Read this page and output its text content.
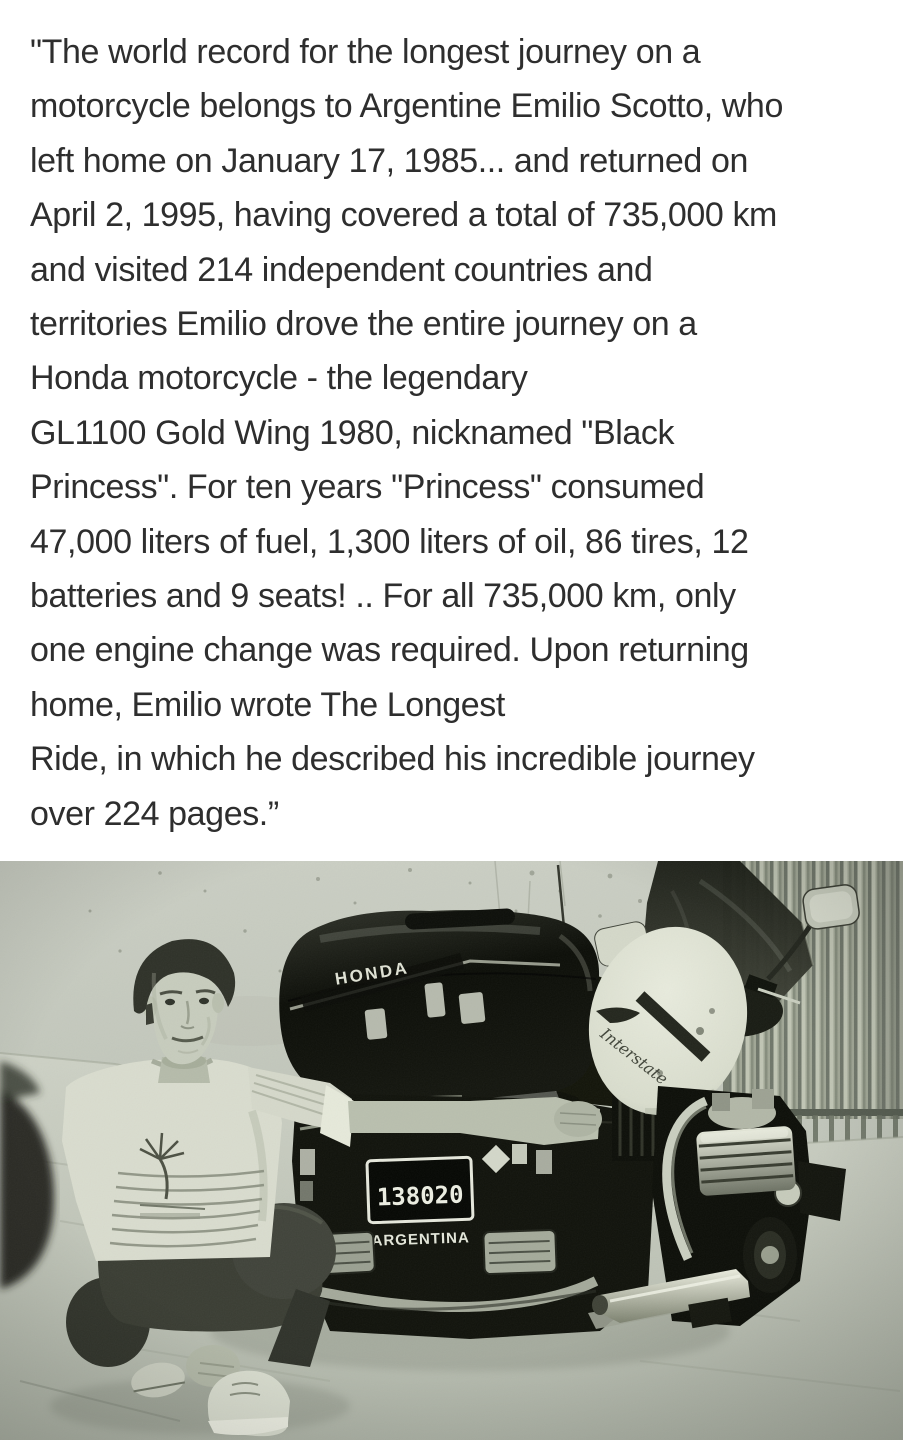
"The world record for the longest journey on a
motorcycle belongs to Argentine Emilio Scotto, who
left home on January 17, 1985... and returned on
April 2, 1995, having covered a total of 735,000 km
and visited 214 independent countries and
territories Emilio drove the entire journey on a
Honda motorcycle - the legendary
GL1100 Gold Wing 1980, nicknamed "Black
Princess". For ten years "Princess" consumed
47,000 liters of fuel, 1,300 liters of oil, 86 tires, 12
batteries and 9 seats! .. For all 735,000 km, only
one engine change was required. Upon returning
home, Emilio wrote The Longest
Ride, in which he described his incredible journey
over 224 pages.”
